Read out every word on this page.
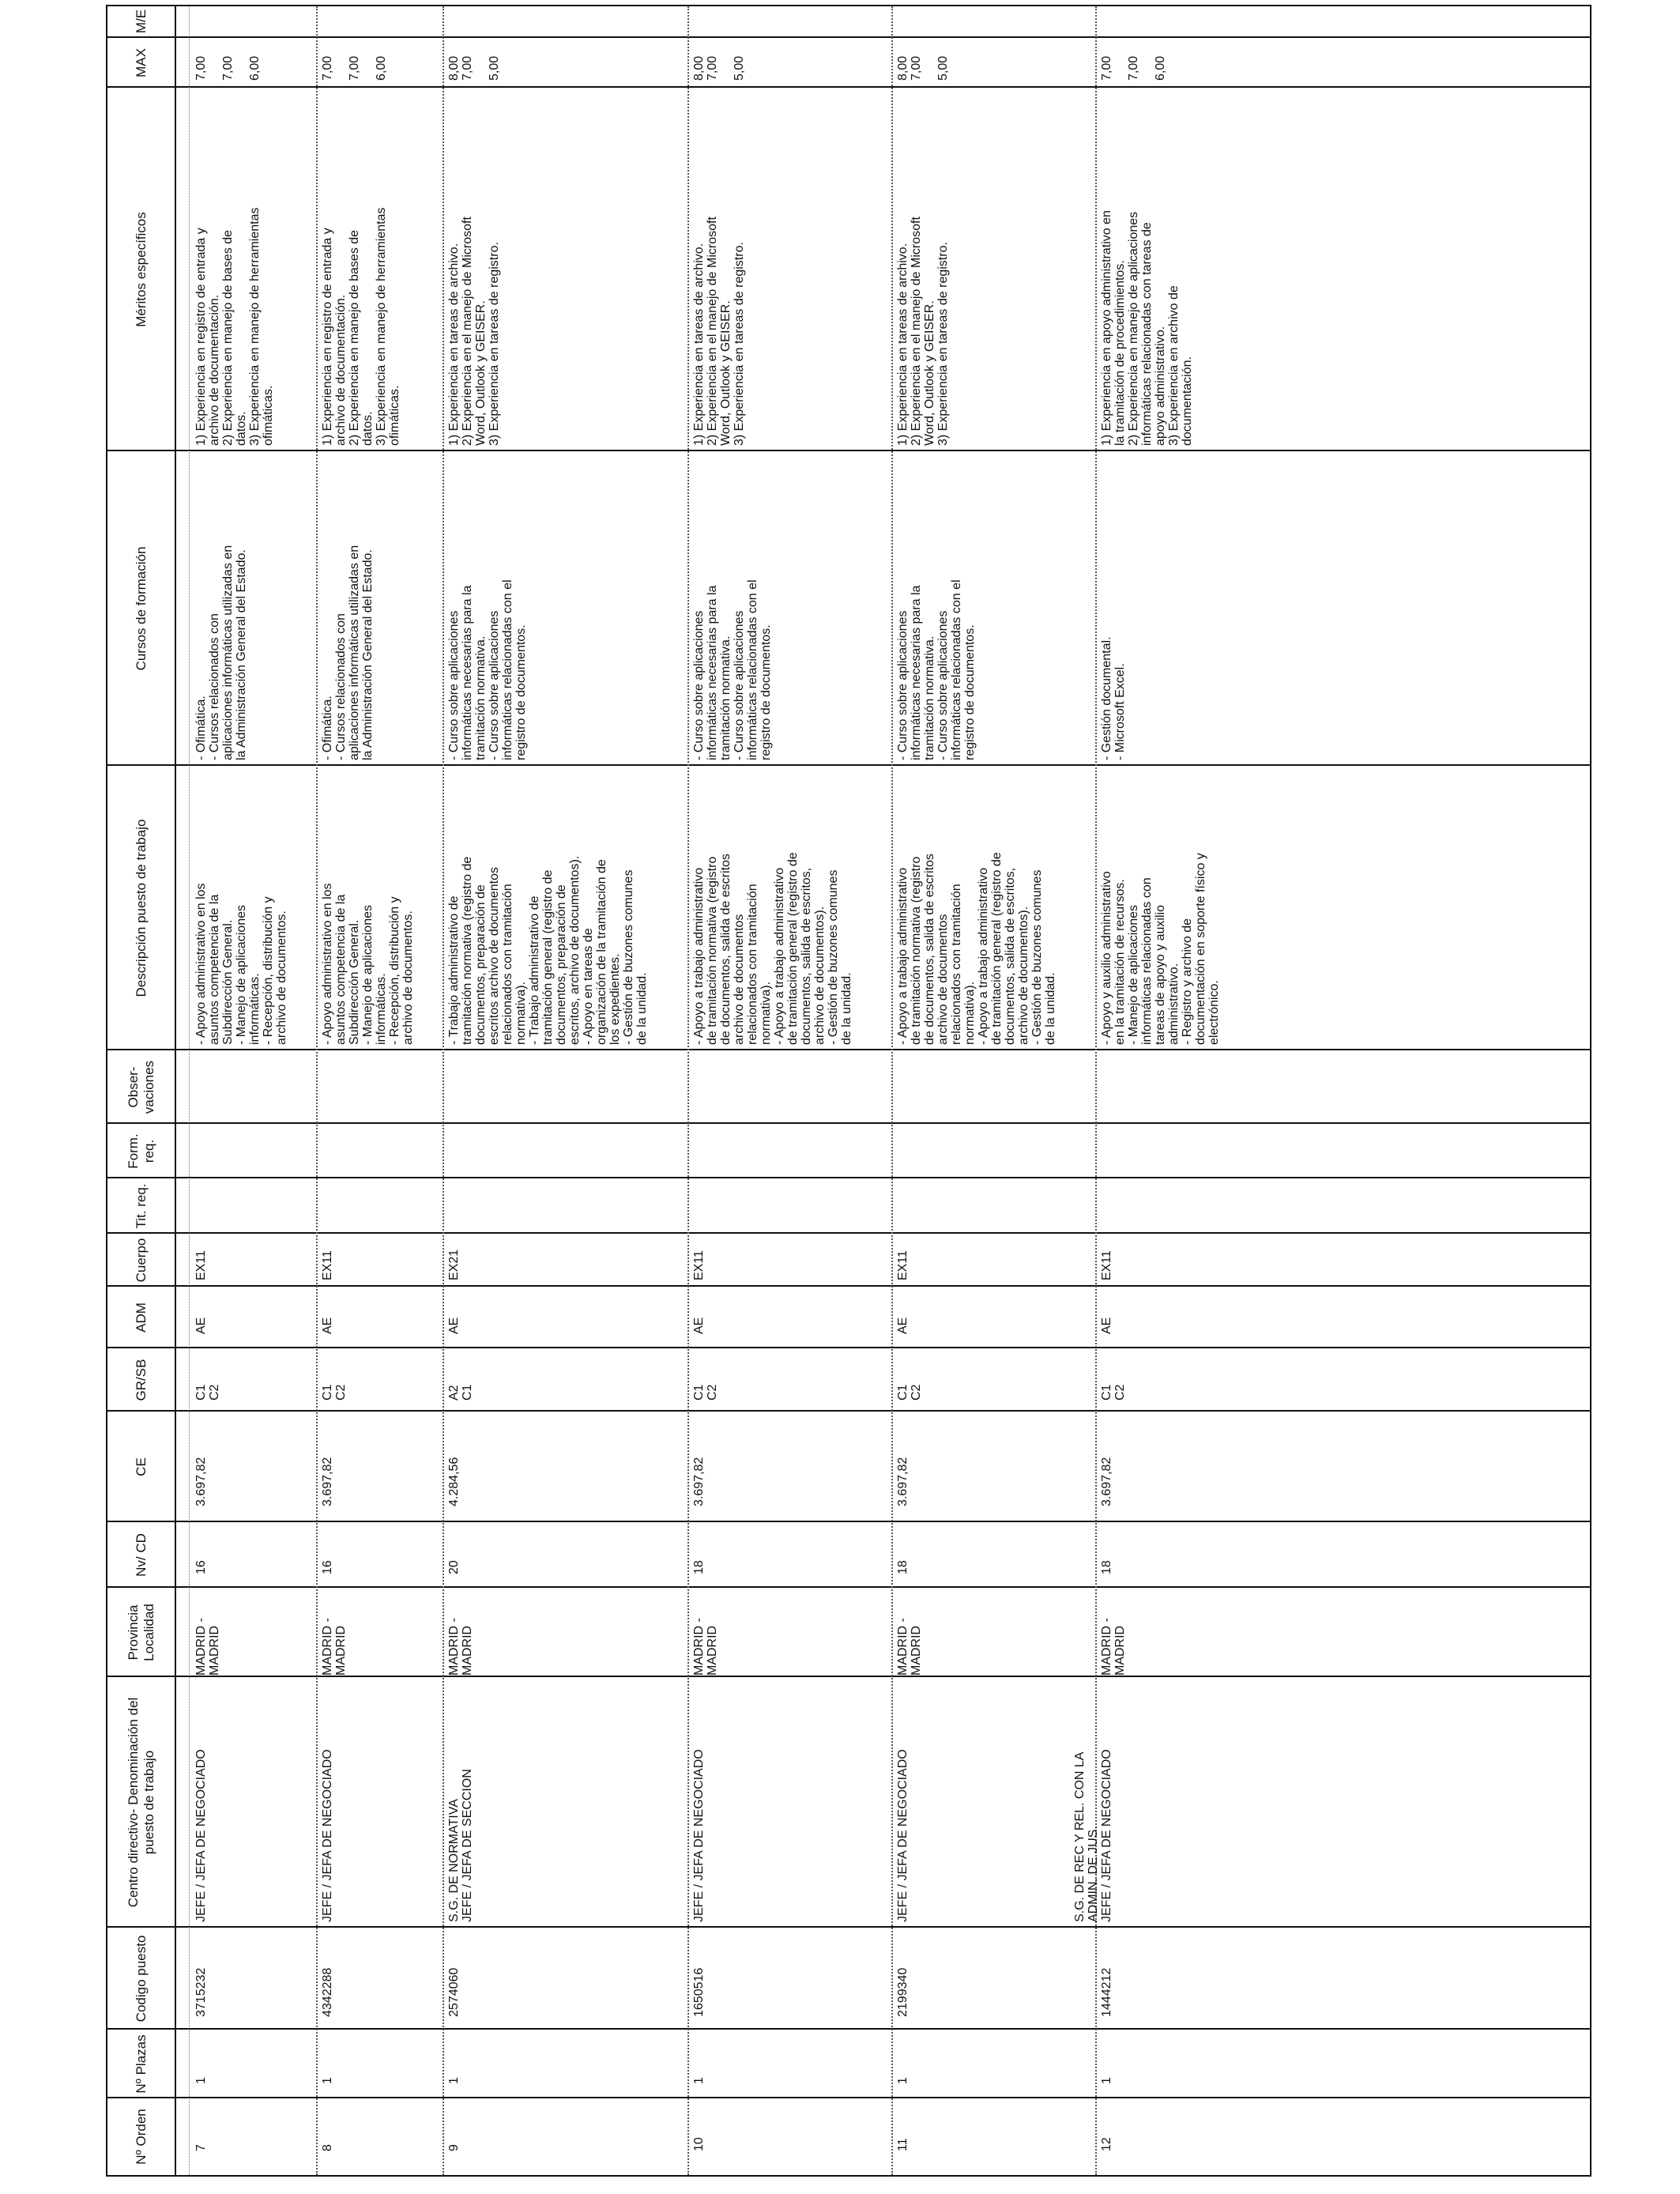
Nº Orden
Nº Plazas
Codigo puesto
Centro directivo- Denominación del puesto de trabajo
Provincia Localidad
Nv/ CD
CE
GR/SB
ADM
Cuerpo
Tit. req.
Form. req.
Obser- vaciones
Descripción puesto de trabajo
Cursos de formación
Méritos específicos
MAX
M/E
7
1
3715232
JEFE / JEFA DE NEGOCIADO
MADRID -
MADRID
16
3.697,82
C1
C2
AE
EX11
- Apoyo administrativo en los
asuntos competencia de la
Subdirección General.
- Manejo de aplicaciones
informáticas.
- Recepción, distribución y
archivo de documentos.
- Ofimática.
- Cursos relacionados con
aplicaciones informáticas utilizadas en
la Administración General del Estado.
1) Experiencia en registro de entrada y
archivo de documentación.
2) Experiencia en manejo de bases de
datos.
3) Experiencia en manejo de herramientas
ofimáticas.
7,00

7,00

6,00
8
1
4342288
JEFE / JEFA DE NEGOCIADO
MADRID -
MADRID
16
3.697,82
C1
C2
AE
EX11
- Apoyo administrativo en los
asuntos competencia de la
Subdirección General.
- Manejo de aplicaciones
informáticas.
- Recepción, distribución y
archivo de documentos.
- Ofimática.
- Cursos relacionados con
aplicaciones informáticas utilizadas en
la Administración General del Estado.
1) Experiencia en registro de entrada y
archivo de documentación.
2) Experiencia en manejo de bases de
datos.
3) Experiencia en manejo de herramientas
ofimáticas.
7,00

7,00

6,00
9
1
2574060
S.G. DE NORMATIVA JEFE / JEFA DE SECCION
MADRID -
MADRID
20
4.284,56
A2
C1
AE
EX21
- Trabajo administrativo de
tramitación normativa (registro de
documentos, preparación de
escritos archivo de documentos
relacionados con tramitación
normativa).
- Trabajo administrativo de
tramitación general (registro de
documentos, preparación de
escritos, archivo de documentos).
- Apoyo en tareas de
organización de la tramitación de
los expedientes.
- Gestión de buzones comunes
de la unidad.
- Curso sobre aplicaciones
informáticas necesarias para la
tramitación normativa.
- Curso sobre aplicaciones
informáticas relacionadas con el
registro de documentos.
1) Experiencia en tareas de archivo.
2) Experiencia en el manejo de Microsoft
Word, Outlook y GEISER.
3) Experiencia en tareas de registro.
8,00
7,00

5,00
10
1
1650516
JEFE / JEFA DE NEGOCIADO
MADRID -
MADRID
18
3.697,82
C1
C2
AE
EX11
- Apoyo a trabajo administrativo
de tramitación normativa (registro
de documentos, salida de escritos
archivo de documentos
relacionados con tramitación
normativa).
- Apoyo a trabajo administrativo
de tramitación general (registro de
documentos, salida de escritos,
archivo de documentos).
- Gestión de buzones comunes
de la unidad.
- Curso sobre aplicaciones
informáticas necesarias para la
tramitación normativa.
- Curso sobre aplicaciones
informáticas relacionadas con el
registro de documentos.
1) Experiencia en tareas de archivo.
2) Experiencia en el manejo de Microsoft
Word, Outlook y GEISER.
3) Experiencia en tareas de registro.
8,00
7,00

5,00
11
1
2199340
JEFE / JEFA DE NEGOCIADO
MADRID -
MADRID
18
3.697,82
C1
C2
AE
EX11
- Apoyo a trabajo administrativo
de tramitación normativa (registro
de documentos, salida de escritos
archivo de documentos
relacionados con tramitación
normativa).
- Apoyo a trabajo administrativo
de tramitación general (registro de
documentos, salida de escritos,
archivo de documentos).
- Gestión de buzones comunes
de la unidad.
- Curso sobre aplicaciones
informáticas necesarias para la
tramitación normativa.
- Curso sobre aplicaciones
informáticas relacionadas con el
registro de documentos.
1) Experiencia en tareas de archivo.
2) Experiencia en el manejo de Microsoft
Word, Outlook y GEISER.
3) Experiencia en tareas de registro.
8,00
7,00

5,00
12
1
1444212
S.G. DE REC Y REL. CON LA
ADMIN. DE JUS. JEFE / JEFA DE NEGOCIADO
MADRID -
MADRID
18
3.697,82
C1
C2
AE
EX11
- Apoyo y auxilio administrativo
en la tramitación de recursos.
- Manejo de aplicaciones
informáticas relacionadas con
tareas de apoyo y auxilio
administrativo.
- Registro y archivo de
documentación en soporte físico y
electrónico.
- Gestión documental.
- Microsoft Excel.
1) Experiencia en apoyo administrativo en
la tramitación de procedimientos.
2) Experiencia en manejo de aplicaciones
informáticas relacionadas con tareas de
apoyo administrativo.
3) Experiencia en archivo de
documentación.
7,00

7,00

6,00
